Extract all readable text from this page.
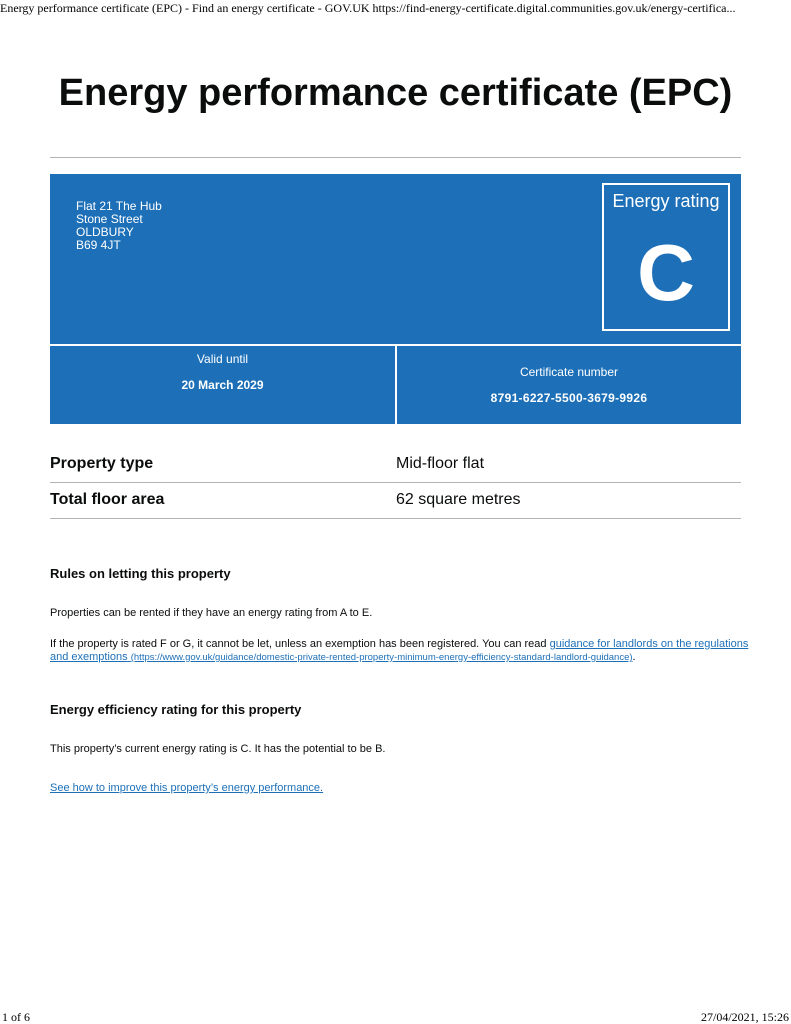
Energy performance certificate (EPC) - Find an energy certificate - GOV.UK https://find-energy-certificate.digital.communities.gov.uk/energy-certifica...
Energy performance certificate (EPC)
Flat 21 The Hub
Stone Street
OLDBURY
B69 4JT
Energy rating
C
Valid until
20 March 2029
Certificate number
8791-6227-5500-3679-9926
Property type	Mid-floor flat
Total floor area	62 square metres
Rules on letting this property

Properties can be rented if they have an energy rating from A to E.

If the property is rated F or G, it cannot be let, unless an exemption has been registered. You can read guidance for landlords on the regulations and exemptions (https://www.gov.uk/guidance/domestic-private-rented-property-minimum-energy-efficiency-standard-landlord-guidance).

Energy efficiency rating for this property

This property’s current energy rating is C. It has the potential to be B.

See how to improve this property’s energy performance.
1 of 6	27/04/2021, 15:26
